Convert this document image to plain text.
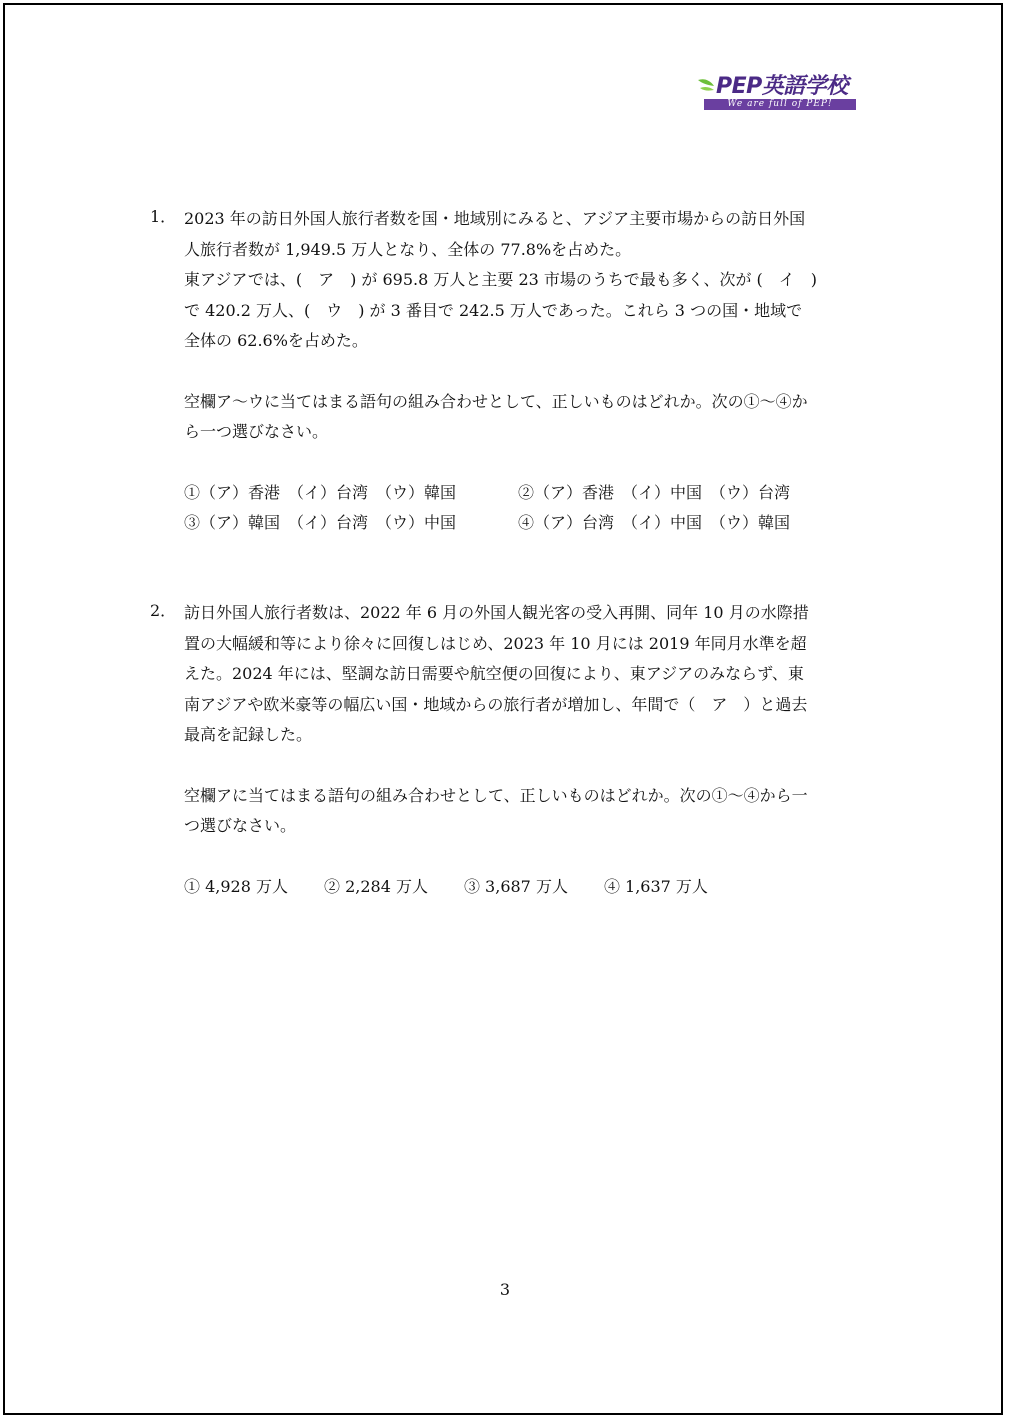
PEP英語学校
We are full of PEP!
1． 2023 年の訪日外国人旅行者数を国・地域別にみると、アジア主要市場からの訪日外国
人旅行者数が 1,949.5 万人となり、全体の 77.8%を占めた。
東アジアでは、(　ア　) が 695.8 万人と主要 23 市場のうちで最も多く、次が (　イ　)
で 420.2 万人、(　ウ　) が 3 番目で 242.5 万人であった。これら 3 つの国・地域で
全体の 62.6%を占めた。
空欄ア～ウに当てはまる語句の組み合わせとして、正しいものはどれか。次の①～④か
ら一つ選びなさい。
①（ア）香港　（イ）台湾　（ウ）韓国	②（ア）香港　（イ）中国　（ウ）台湾
③（ア）韓国　（イ）台湾　（ウ）中国	④（ア）台湾　（イ）中国　（ウ）韓国
2． 訪日外国人旅行者数は、2022 年 6 月の外国人観光客の受入再開、同年 10 月の水際措
置の大幅緩和等により徐々に回復しはじめ、2023 年 10 月には 2019 年同月水準を超
えた。2024 年には、堅調な訪日需要や航空便の回復により、東アジアのみならず、東
南アジアや欧米豪等の幅広い国・地域からの旅行者が増加し、年間で（　ア　）と過去
最高を記録した。
空欄アに当てはまる語句の組み合わせとして、正しいものはどれか。次の①～④から一
つ選びなさい。
① 4,928 万人 ② 2,284 万人 ③ 3,687 万人 ④ 1,637 万人
3
